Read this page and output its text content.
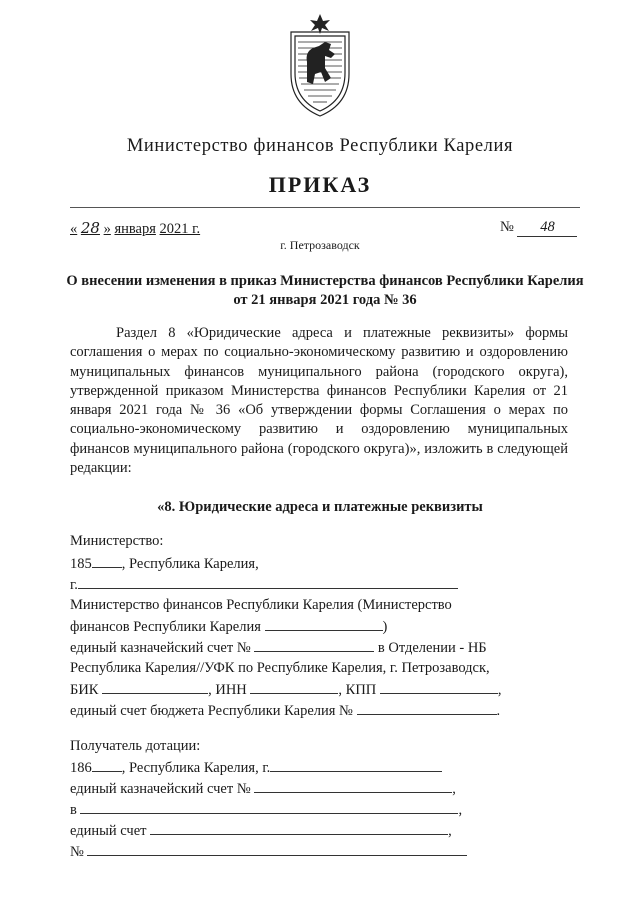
Министерство финансов Республики Карелия
ПРИКАЗ
« 28 » января 2021 г.	№ 48
г. Петрозаводск
О внесении изменения в приказ Министерства финансов Республики Карелия от 21 января 2021 года № 36
Раздел 8 «Юридические адреса и платежные реквизиты» формы соглашения о мерах по социально-экономическому развитию и оздоровлению муниципальных финансов муниципального района (городского округа), утвержденной приказом Министерства финансов Республики Карелия от 21 января 2021 года № 36 «Об утверждении формы Соглашения о мерах по социально-экономическому развитию и оздоровлению муниципальных финансов муниципального района (городского округа)», изложить в следующей редакции:
«8. Юридические адреса и платежные реквизиты
Министерство:
185 , Республика Карелия,
г.
Министерство финансов Республики Карелия (Министерство
финансов Республики Карелия	)
единый казначейский счет №	в Отделении - НБ
Республика Карелия//УФК по Республике Карелия, г. Петрозаводск,
БИК	, ИНН	, КПП	,
единый счет бюджета Республики Карелия №	.
Получатель дотации:
186 , Республика Карелия, г.
единый казначейский счет №	,
в	,
единый счет	,
№
